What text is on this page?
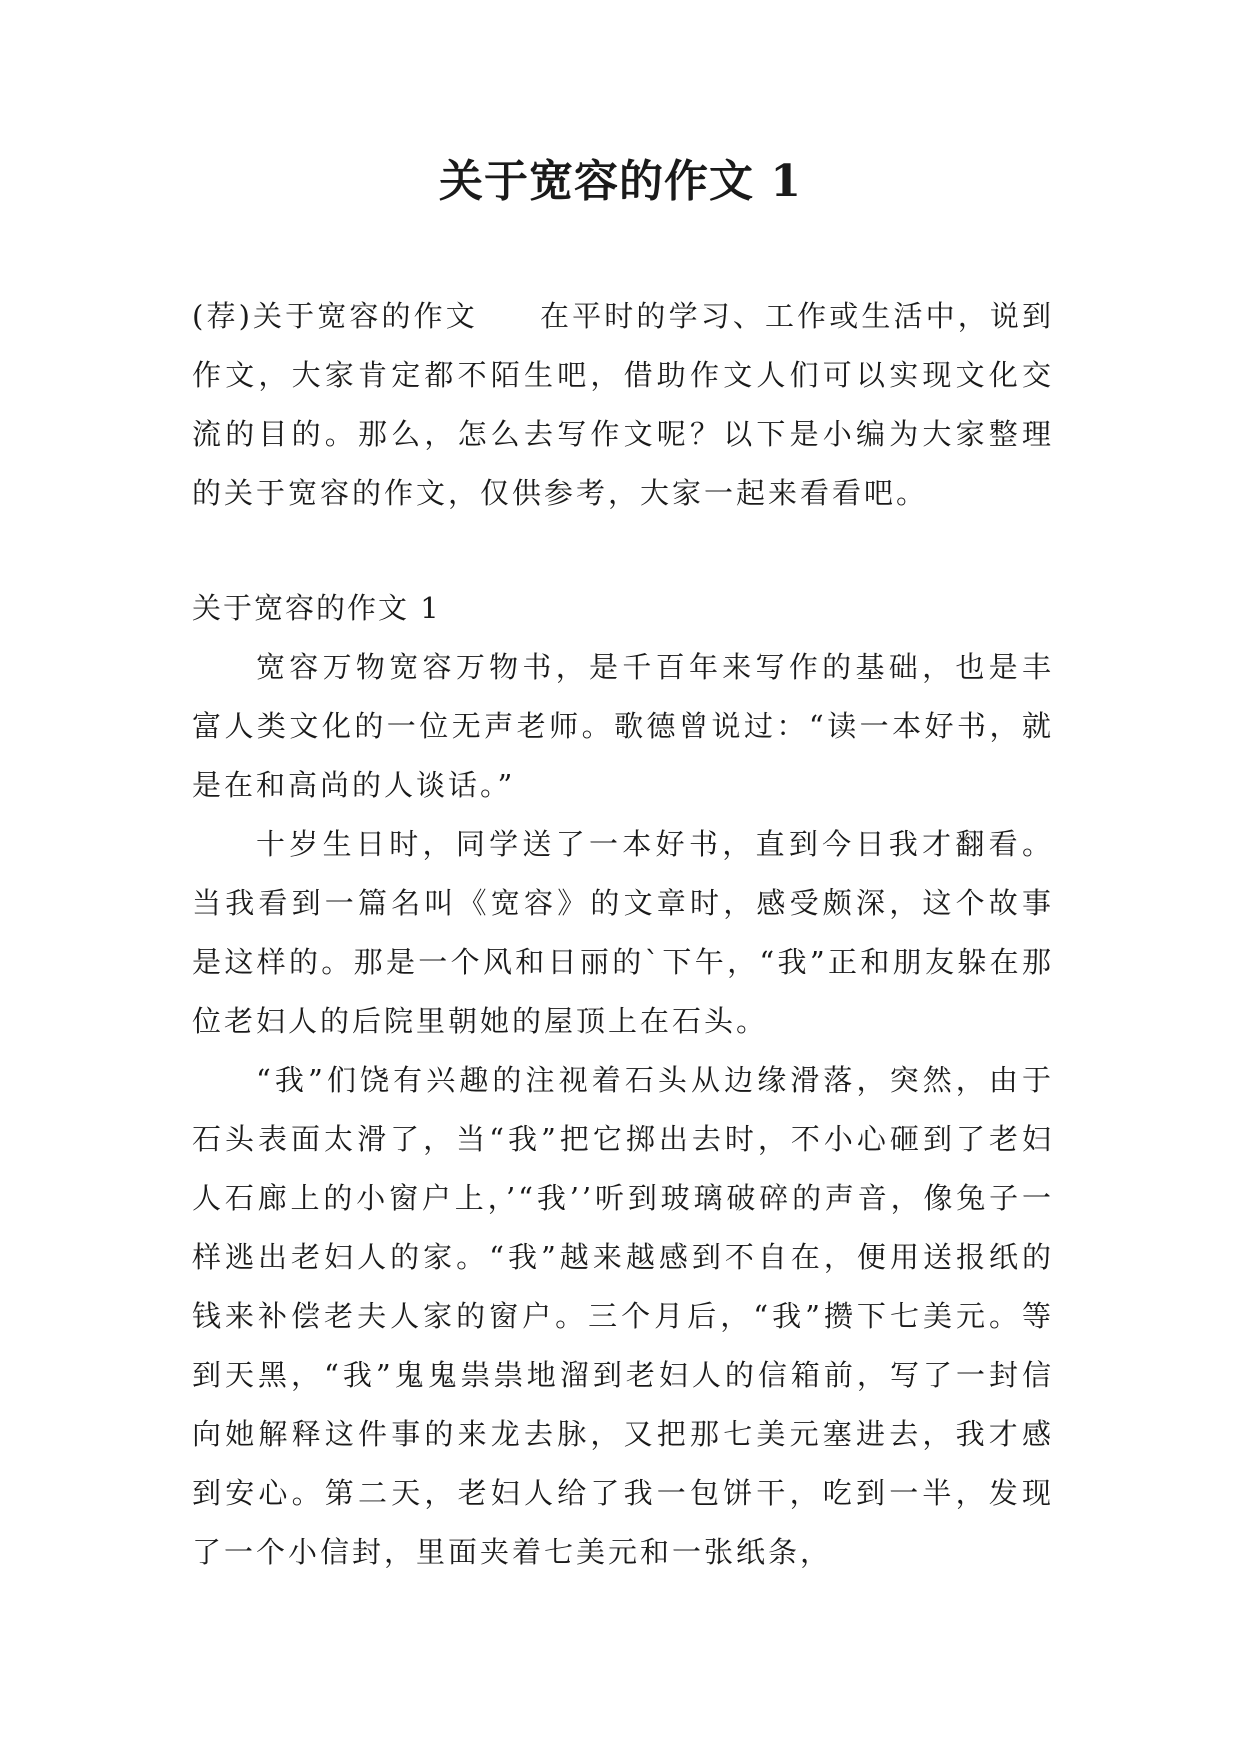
关于宽容的作文 1
(荐)关于宽容的作文 在平时的学习、工作或生活中，说到作文，大家肯定都不陌生吧，借助作文人们可以实现文化交流的目的。那么，怎么去写作文呢？以下是小编为大家整理的关于宽容的作文，仅供参考，大家一起来看看吧。
关于宽容的作文 1

宽容万物宽容万物书，是千百年来写作的基础，也是丰富人类文化的一位无声老师。歌德曾说过：“读一本好书，就是在和高尚的人谈话。”

十岁生日时，同学送了一本好书，直到今日我才翻看。当我看到一篇名叫《宽容》的文章时，感受颇深，这个故事是这样的。那是一个风和日丽的`下午，“我”正和朋友躲在那位老妇人的后院里朝她的屋顶上在石头。

“我”们饶有兴趣的注视着石头从边缘滑落，突然，由于石头表面太滑了，当“我”把它掷出去时，不小心砸到了老妇人石廊上的小窗户上，’“我’’听到玻璃破碎的声音，像兔子一样逃出老妇人的家。“我”越来越感到不自在，便用送报纸的钱来补偿老夫人家的窗户。三个月后，“我”攒下七美元。等到天黑，“我”鬼鬼祟祟地溜到老妇人的信箱前，写了一封信向她解释这件事的来龙去脉，又把那七美元塞进去，我才感到安心。第二天，老妇人给了我一包饼干，吃到一半，发现了一个小信封，里面夹着七美元和一张纸条，
